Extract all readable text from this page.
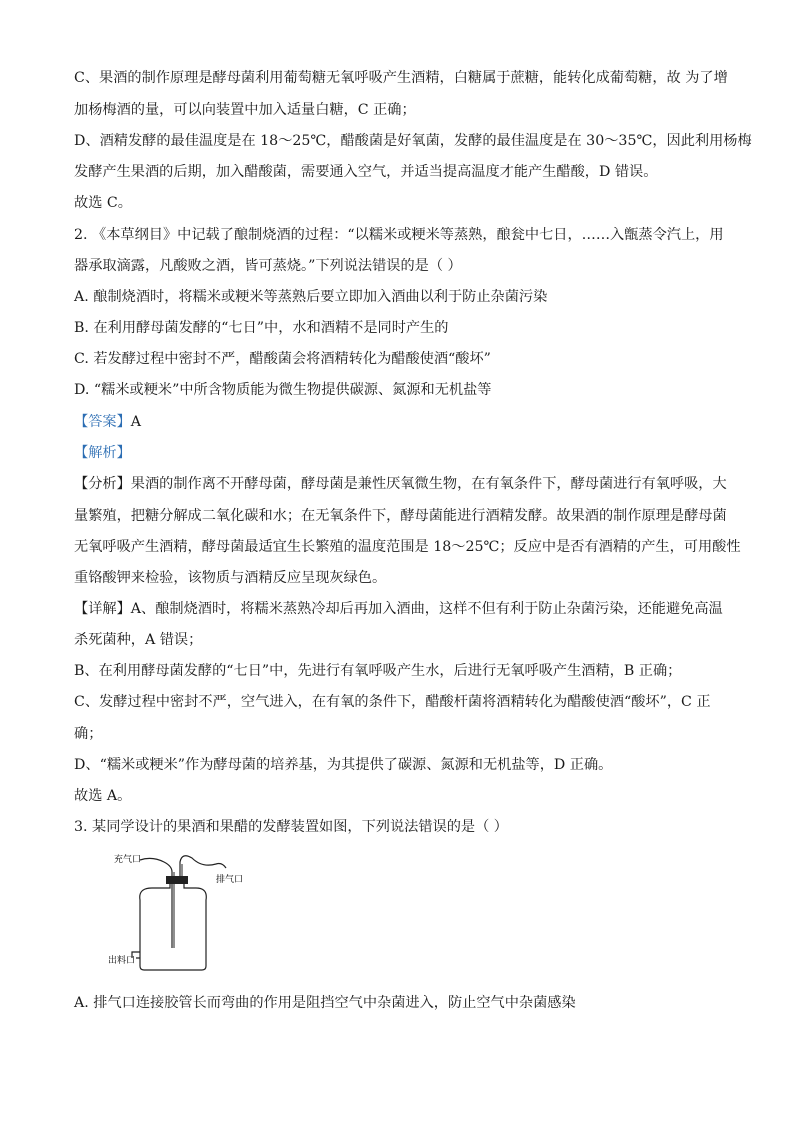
C、果酒的制作原理是酵母菌利用葡萄糖无氧呼吸产生酒精，白糖属于蔗糖，能转化成葡萄糖，故 为了增
加杨梅酒的量，可以向装置中加入适量白糖，C 正确；
D、酒精发酵的最佳温度是在 18～25℃，醋酸菌是好氧菌，发酵的最佳温度是在 30～35℃，因此利用杨梅
发酵产生果酒的后期，加入醋酸菌，需要通入空气，并适当提高温度才能产生醋酸，D 错误。
故选 C。
2. 《本草纲目》中记载了酿制烧酒的过程：“以糯米或粳米等蒸熟，酿瓮中七日，……入甑蒸令汽上，用
器承取滴露，凡酸败之酒，皆可蒸烧。”下列说法错误的是（ ）
A. 酿制烧酒时，将糯米或粳米等蒸熟后要立即加入酒曲以利于防止杂菌污染
B. 在利用酵母菌发酵的“七日”中，水和酒精不是同时产生的
C. 若发酵过程中密封不严，醋酸菌会将酒精转化为醋酸使酒“酸坏”
D. “糯米或粳米”中所含物质能为微生物提供碳源、氮源和无机盐等
【答案】A
【解析】
【分析】果酒的制作离不开酵母菌，酵母菌是兼性厌氧微生物，在有氧条件下，酵母菌进行有氧呼吸，大
量繁殖，把糖分解成二氧化碳和水；在无氧条件下，酵母菌能进行酒精发酵。故果酒的制作原理是酵母菌
无氧呼吸产生酒精，酵母菌最适宜生长繁殖的温度范围是 18～25℃；反应中是否有酒精的产生，可用酸性
重铬酸钾来检验，该物质与酒精反应呈现灰绿色。
【详解】A、酿制烧酒时，将糯米蒸熟冷却后再加入酒曲，这样不但有利于防止杂菌污染，还能避免高温
杀死菌种，A 错误；
B、在利用酵母菌发酵的“七日”中，先进行有氧呼吸产生水，后进行无氧呼吸产生酒精，B 正确；
C、发酵过程中密封不严，空气进入，在有氧的条件下，醋酸杆菌将酒精转化为醋酸使酒“酸坏”，C 正
确；
D、“糯米或粳米”作为酵母菌的培养基，为其提供了碳源、氮源和无机盐等，D 正确。
故选 A。
3. 某同学设计的果酒和果醋的发酵装置如图，下列说法错误的是（ ）
充气口
排气口
出料口
A. 排气口连接胶管长而弯曲的作用是阻挡空气中杂菌进入，防止空气中杂菌感染
